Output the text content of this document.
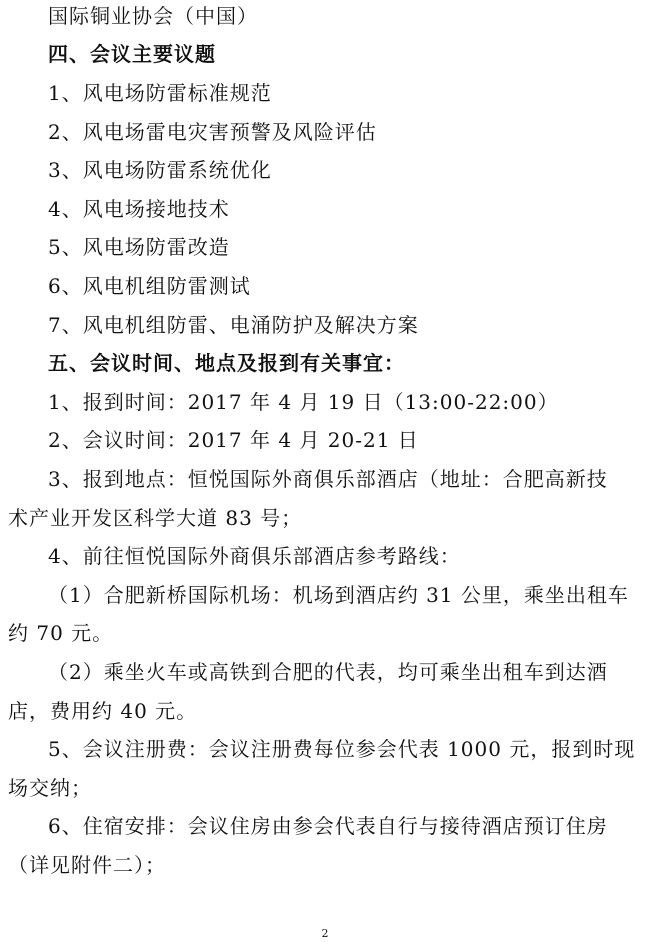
国际铜业协会（中国）
四、会议主要议题
1、风电场防雷标准规范
2、风电场雷电灾害预警及风险评估
3、风电场防雷系统优化
4、风电场接地技术
5、风电场防雷改造
6、风电机组防雷测试
7、风电机组防雷、电涌防护及解决方案
五、会议时间、地点及报到有关事宜：
1、报到时间：2017 年 4 月 19 日（13:00-22:00）
2、会议时间：2017 年 4 月 20-21 日
3、报到地点：恒悦国际外商俱乐部酒店（地址：合肥高新技
术产业开发区科学大道 83 号；
4、前往恒悦国际外商俱乐部酒店参考路线：
（1）合肥新桥国际机场：机场到酒店约 31 公里，乘坐出租车
约 70 元。
（2）乘坐火车或高铁到合肥的代表，均可乘坐出租车到达酒
店，费用约 40 元。
5、会议注册费：会议注册费每位参会代表 1000 元，报到时现
场交纳；
6、住宿安排：会议住房由参会代表自行与接待酒店预订住房
（详见附件二）；
2
